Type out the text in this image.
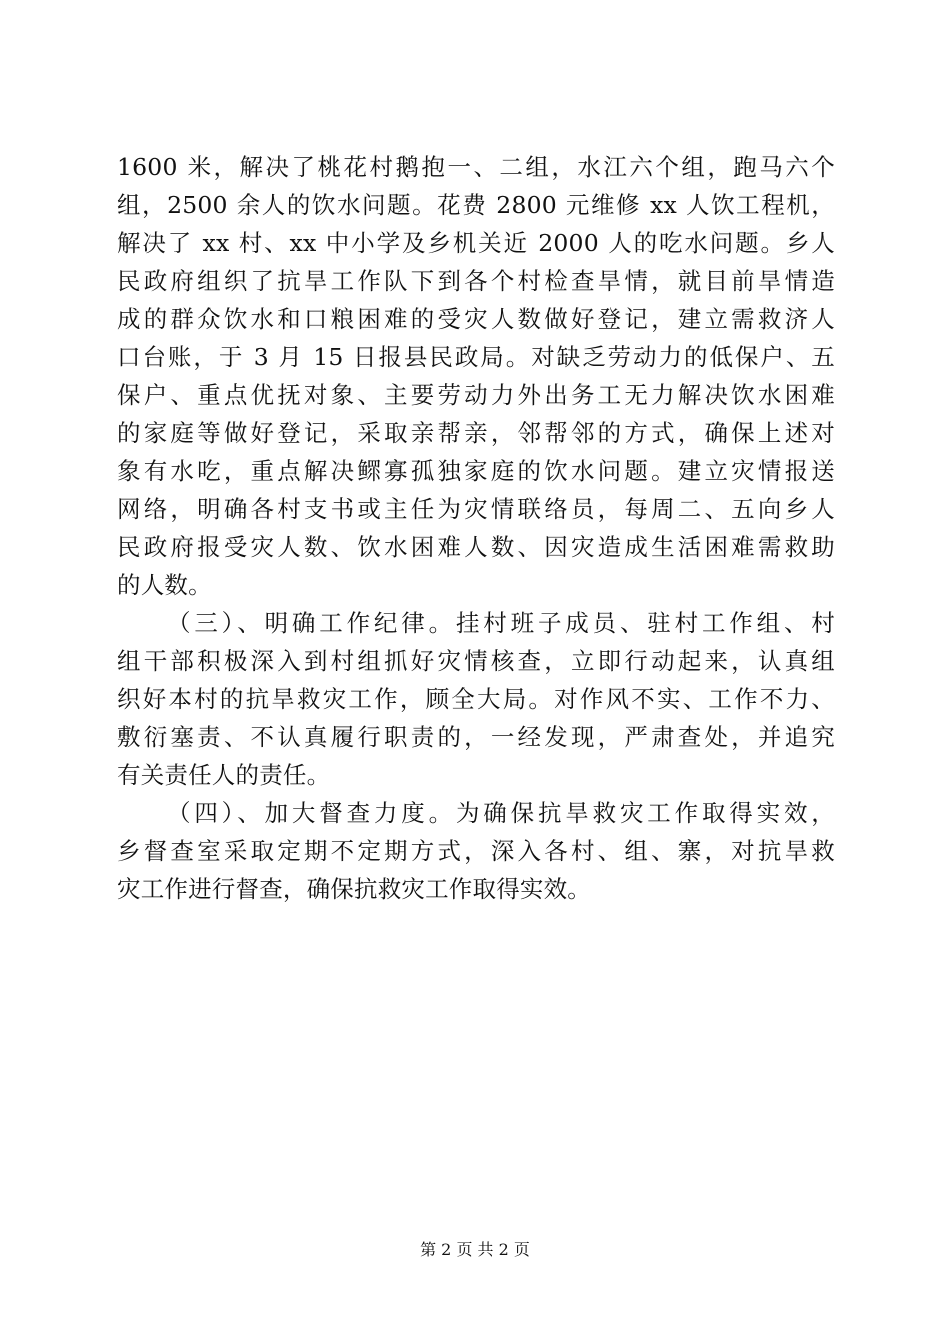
1600 米，解决了桃花村鹅抱一、二组，水江六个组，跑马六个
组，2500 余人的饮水问题。花费 2800 元维修 xx 人饮工程机，
解决了 xx 村、xx 中小学及乡机关近 2000 人的吃水问题。乡人
民政府组织了抗旱工作队下到各个村检查旱情，就目前旱情造
成的群众饮水和口粮困难的受灾人数做好登记，建立需救济人
口台账，于 3 月 15 日报县民政局。对缺乏劳动力的低保户、五
保户、重点优抚对象、主要劳动力外出务工无力解决饮水困难
的家庭等做好登记，采取亲帮亲，邻帮邻的方式，确保上述对
象有水吃，重点解决鳏寡孤独家庭的饮水问题。建立灾情报送
网络，明确各村支书或主任为灾情联络员，每周二、五向乡人
民政府报受灾人数、饮水困难人数、因灾造成生活困难需救助
的人数。
（三）、明确工作纪律。挂村班子成员、驻村工作组、村
组干部积极深入到村组抓好灾情核查，立即行动起来，认真组
织好本村的抗旱救灾工作，顾全大局。对作风不实、工作不力、
敷衍塞责、不认真履行职责的，一经发现，严肃查处，并追究
有关责任人的责任。
（四）、加大督查力度。为确保抗旱救灾工作取得实效，
乡督查室采取定期不定期方式，深入各村、组、寨，对抗旱救
灾工作进行督查，确保抗救灾工作取得实效。
第 2 页 共 2 页
